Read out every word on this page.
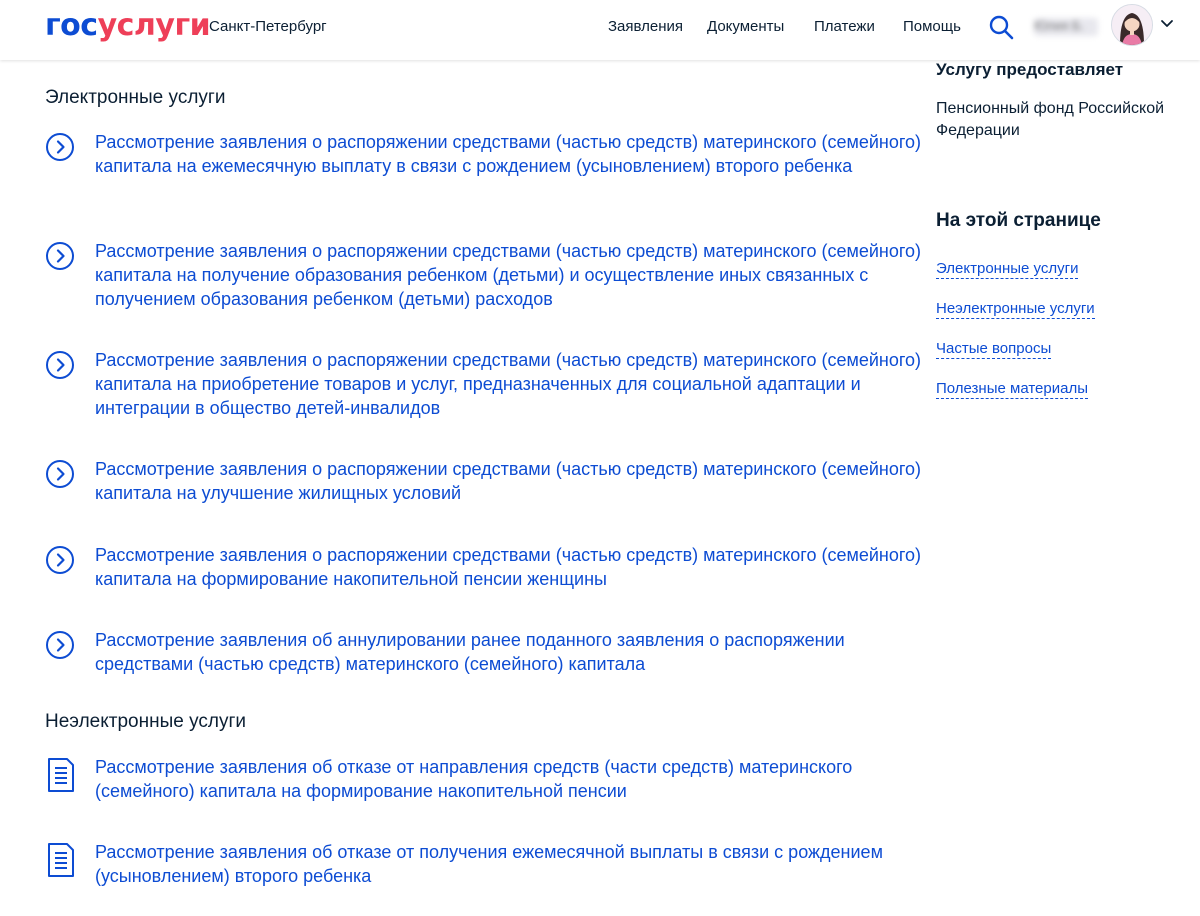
госуслуги
Санкт-Петербург	Заявления Документы Платежи Помощь	Юлия Б.
Электронные услуги
Рассмотрение заявления о распоряжении средствами (частью средств) материнского (семейного) капитала на ежемесячную выплату в связи с рождением (усыновлением) второго ребенка
Рассмотрение заявления о распоряжении средствами (частью средств) материнского (семейного) капитала на получение образования ребенком (детьми) и осуществление иных связанных с получением образования ребенком (детьми) расходов
Рассмотрение заявления о распоряжении средствами (частью средств) материнского (семейного) капитала на приобретение товаров и услуг, предназначенных для социальной адаптации и интеграции в общество детей-инвалидов
Рассмотрение заявления о распоряжении средствами (частью средств) материнского (семейного) капитала на улучшение жилищных условий
Рассмотрение заявления о распоряжении средствами (частью средств) материнского (семейного) капитала на формирование накопительной пенсии женщины
Рассмотрение заявления об аннулировании ранее поданного заявления о распоряжении средствами (частью средств) материнского (семейного) капитала
Неэлектронные услуги
Рассмотрение заявления об отказе от направления средств (части средств) материнского (семейного) капитала на формирование накопительной пенсии
Рассмотрение заявления об отказе от получения ежемесячной выплаты в связи с рождением (усыновлением) второго ребенка
Услугу предоставляет
Пенсионный фонд Российской Федерации
На этой странице
Электронные услуги
Неэлектронные услуги
Частые вопросы
Полезные материалы
